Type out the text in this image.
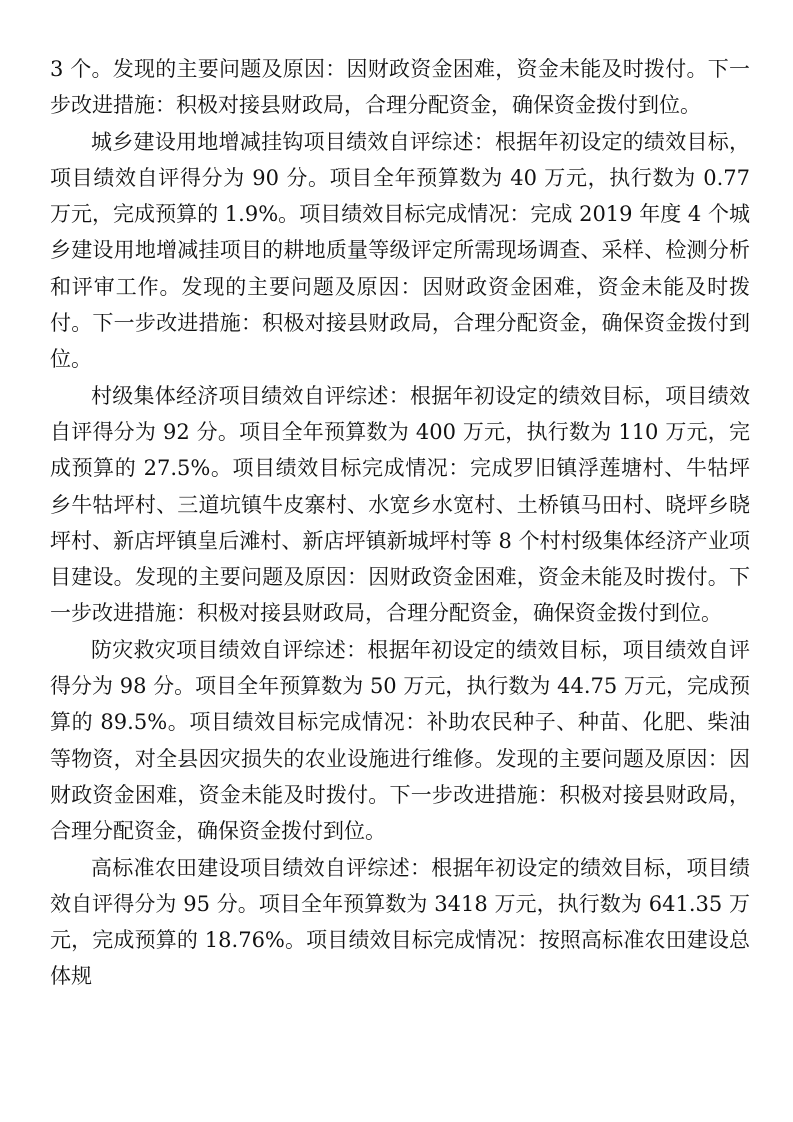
3 个。发现的主要问题及原因：因财政资金困难，资金未能及时拨付。下一步改进措施：积极对接县财政局，合理分配资金，确保资金拨付到位。

城乡建设用地增减挂钩项目绩效自评综述：根据年初设定的绩效目标，项目绩效自评得分为 90 分。项目全年预算数为 40 万元，执行数为 0.77 万元，完成预算的 1.9%。项目绩效目标完成情况：完成 2019 年度 4 个城乡建设用地增减挂项目的耕地质量等级评定所需现场调查、采样、检测分析和评审工作。发现的主要问题及原因：因财政资金困难，资金未能及时拨付。下一步改进措施：积极对接县财政局，合理分配资金，确保资金拨付到位。

村级集体经济项目绩效自评综述：根据年初设定的绩效目标，项目绩效自评得分为 92 分。项目全年预算数为 400 万元，执行数为 110 万元，完成预算的 27.5%。项目绩效目标完成情况：完成罗旧镇浮莲塘村、牛牯坪乡牛牯坪村、三道坑镇牛皮寨村、水宽乡水宽村、土桥镇马田村、晓坪乡晓坪村、新店坪镇皇后滩村、新店坪镇新城坪村等 8 个村村级集体经济产业项目建设。发现的主要问题及原因：因财政资金困难，资金未能及时拨付。下一步改进措施：积极对接县财政局，合理分配资金，确保资金拨付到位。

防灾救灾项目绩效自评综述：根据年初设定的绩效目标，项目绩效自评得分为 98 分。项目全年预算数为 50 万元，执行数为 44.75 万元，完成预算的 89.5%。项目绩效目标完成情况：补助农民种子、种苗、化肥、柴油等物资，对全县因灾损失的农业设施进行维修。发现的主要问题及原因：因财政资金困难，资金未能及时拨付。下一步改进措施：积极对接县财政局，合理分配资金，确保资金拨付到位。

高标准农田建设项目绩效自评综述：根据年初设定的绩效目标，项目绩效自评得分为 95 分。项目全年预算数为 3418 万元，执行数为 641.35 万元，完成预算的 18.76%。项目绩效目标完成情况：按照高标准农田建设总体规
